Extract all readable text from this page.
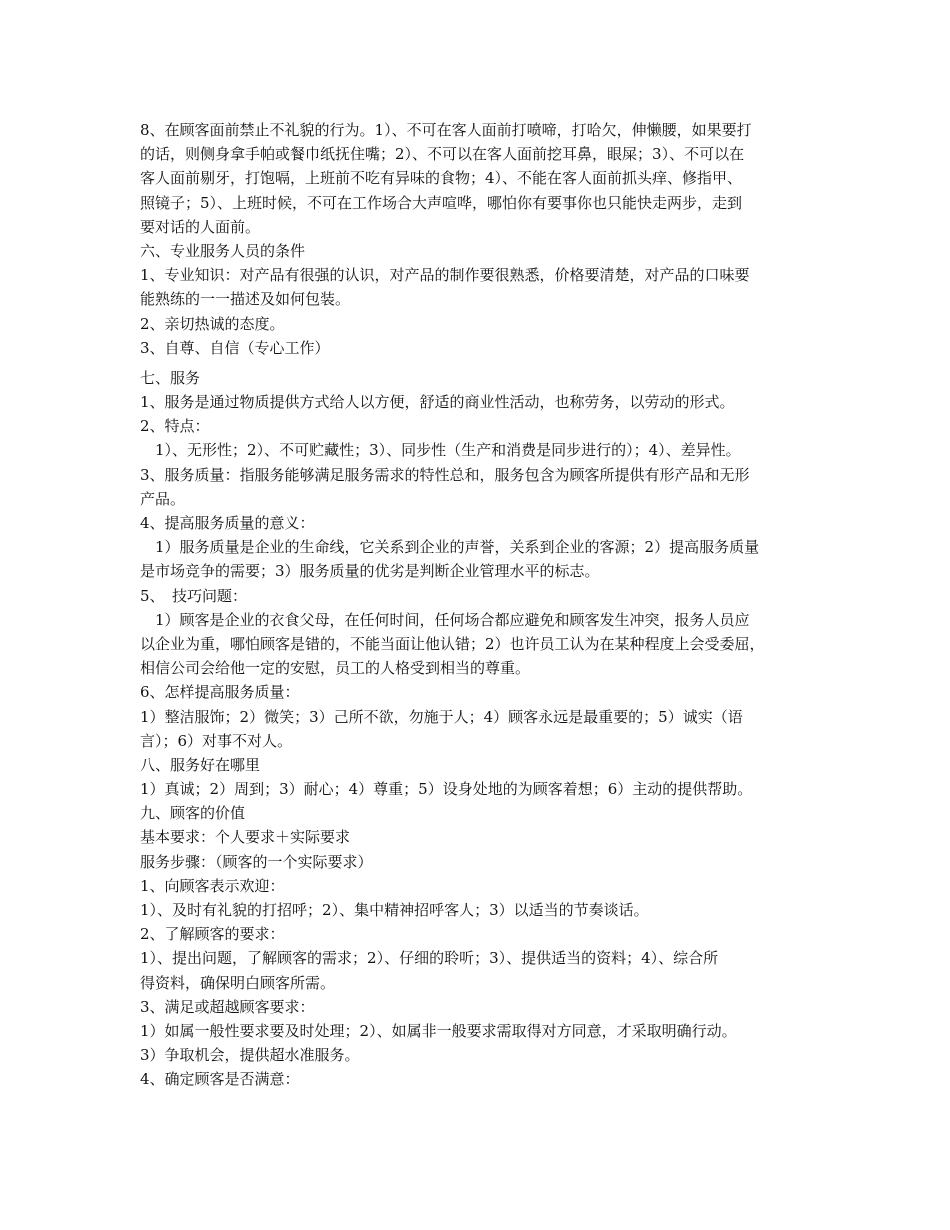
8、在顾客面前禁止不礼貌的行为。1）、不可在客人面前打喷啼，打哈欠，伸懒腰，如果要打
的话，则侧身拿手帕或餐巾纸抚住嘴；2）、不可以在客人面前挖耳鼻，眼屎；3）、不可以在
客人面前剔牙，打饱嗝，上班前不吃有异味的食物；4）、不能在客人面前抓头痒、修指甲、
照镜子；5）、上班时候，不可在工作场合大声喧哗，哪怕你有要事你也只能快走两步，走到
要对话的人面前。
六、专业服务人员的条件
1、专业知识：对产品有很强的认识，对产品的制作要很熟悉，价格要清楚，对产品的口味要
能熟练的一一描述及如何包装。
2、亲切热诚的态度。
3、自尊、自信（专心工作）
七、服务
1、服务是通过物质提供方式给人以方便，舒适的商业性活动，也称劳务，以劳动的形式。
2、特点：
　1）、无形性；2）、不可贮藏性；3）、同步性（生产和消费是同步进行的）；4）、差异性。
3、服务质量：指服务能够满足服务需求的特性总和，服务包含为顾客所提供有形产品和无形
产品。
4、提高服务质量的意义：
　1）服务质量是企业的生命线，它关系到企业的声誉，关系到企业的客源；2）提高服务质量
是市场竞争的需要；3）服务质量的优劣是判断企业管理水平的标志。
5、　技巧问题：
　1）顾客是企业的衣食父母，在任何时间，任何场合都应避免和顾客发生冲突，报务人员应
以企业为重，哪怕顾客是错的，不能当面让他认错；2）也许员工认为在某种程度上会受委屈，
相信公司会给他一定的安慰，员工的人格受到相当的尊重。
6、怎样提高服务质量：
1）整洁服饰；2）微笑；3）己所不欲，勿施于人；4）顾客永远是最重要的；5）诚实（语
言）；6）对事不对人。
八、服务好在哪里
1）真诚；2）周到；3）耐心；4）尊重；5）设身处地的为顾客着想；6）主动的提供帮助。
九、顾客的价值
基本要求：个人要求＋实际要求
服务步骤：（顾客的一个实际要求）
1、向顾客表示欢迎：
1）、及时有礼貌的打招呼；2）、集中精神招呼客人；3）以适当的节奏谈话。
2、了解顾客的要求：
1）、提出问题，了解顾客的需求；2）、仔细的聆听；3）、提供适当的资料；4）、综合所
得资料，确保明白顾客所需。
3、满足或超越顾客要求：
1）如属一般性要求要及时处理；2）、如属非一般要求需取得对方同意，才采取明确行动。
3）争取机会，提供超水准服务。
4、确定顾客是否满意：
